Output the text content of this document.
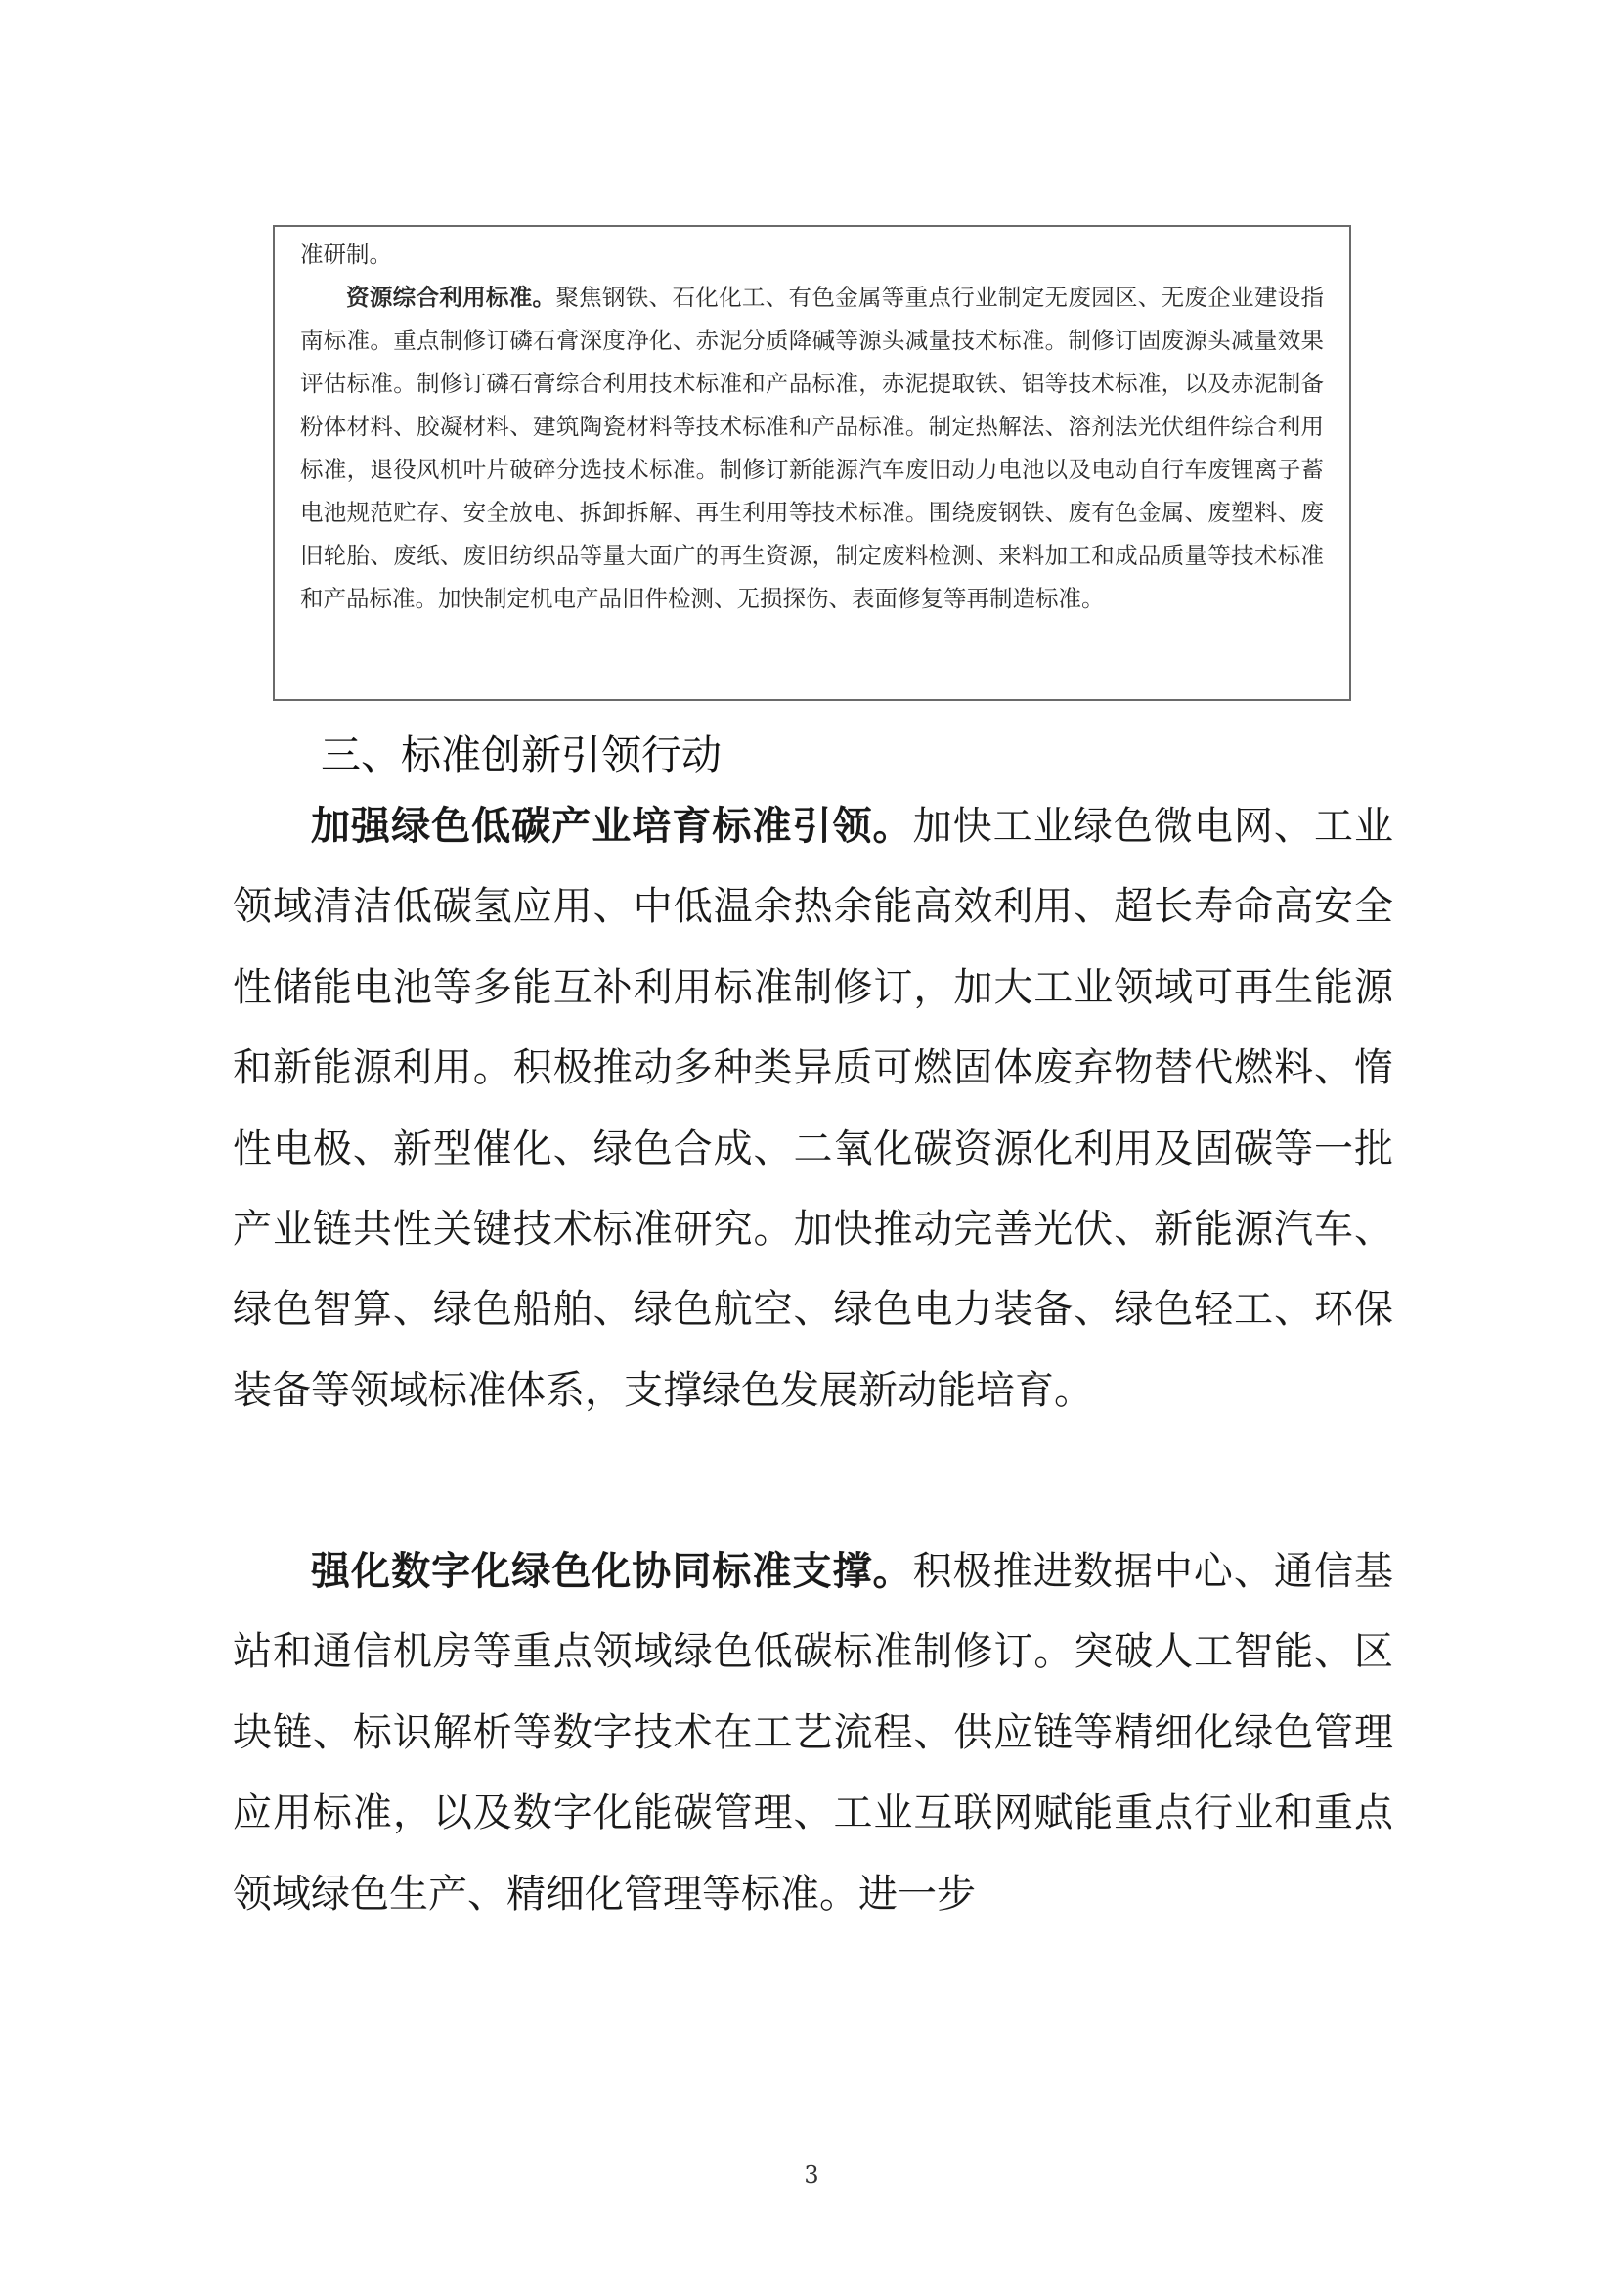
准研制。

资源综合利用标准。聚焦钢铁、石化化工、有色金属等重点行业制定无废园区、无废企业建设指南标准。重点制修订磷石膏深度净化、赤泥分质降碱等源头减量技术标准。制修订固废源头减量效果评估标准。制修订磷石膏综合利用技术标准和产品标准，赤泥提取铁、铝等技术标准，以及赤泥制备粉体材料、胶凝材料、建筑陶瓷材料等技术标准和产品标准。制定热解法、溶剂法光伏组件综合利用标准，退役风机叶片破碎分选技术标准。制修订新能源汽车废旧动力电池以及电动自行车废锂离子蓄电池规范贮存、安全放电、拆卸拆解、再生利用等技术标准。围绕废钢铁、废有色金属、废塑料、废旧轮胎、废纸、废旧纺织品等量大面广的再生资源，制定废料检测、来料加工和成品质量等技术标准和产品标准。加快制定机电产品旧件检测、无损探伤、表面修复等再制造标准。

三、标准创新引领行动

加强绿色低碳产业培育标准引领。加快工业绿色微电网、工业领域清洁低碳氢应用、中低温余热余能高效利用、超长寿命高安全性储能电池等多能互补利用标准制修订，加大工业领域可再生能源和新能源利用。积极推动多种类异质可燃固体废弃物替代燃料、惰性电极、新型催化、绿色合成、二氧化碳资源化利用及固碳等一批产业链共性关键技术标准研究。加快推动完善光伏、新能源汽车、绿色智算、绿色船舶、绿色航空、绿色电力装备、绿色轻工、环保装备等领域标准体系，支撑绿色发展新动能培育。

强化数字化绿色化协同标准支撑。积极推进数据中心、通信基站和通信机房等重点领域绿色低碳标准制修订。突破人工智能、区块链、标识解析等数字技术在工艺流程、供应链等精细化绿色管理应用标准，以及数字化能碳管理、工业互联网赋能重点行业和重点领域绿色生产、精细化管理等标准。进一步

3
